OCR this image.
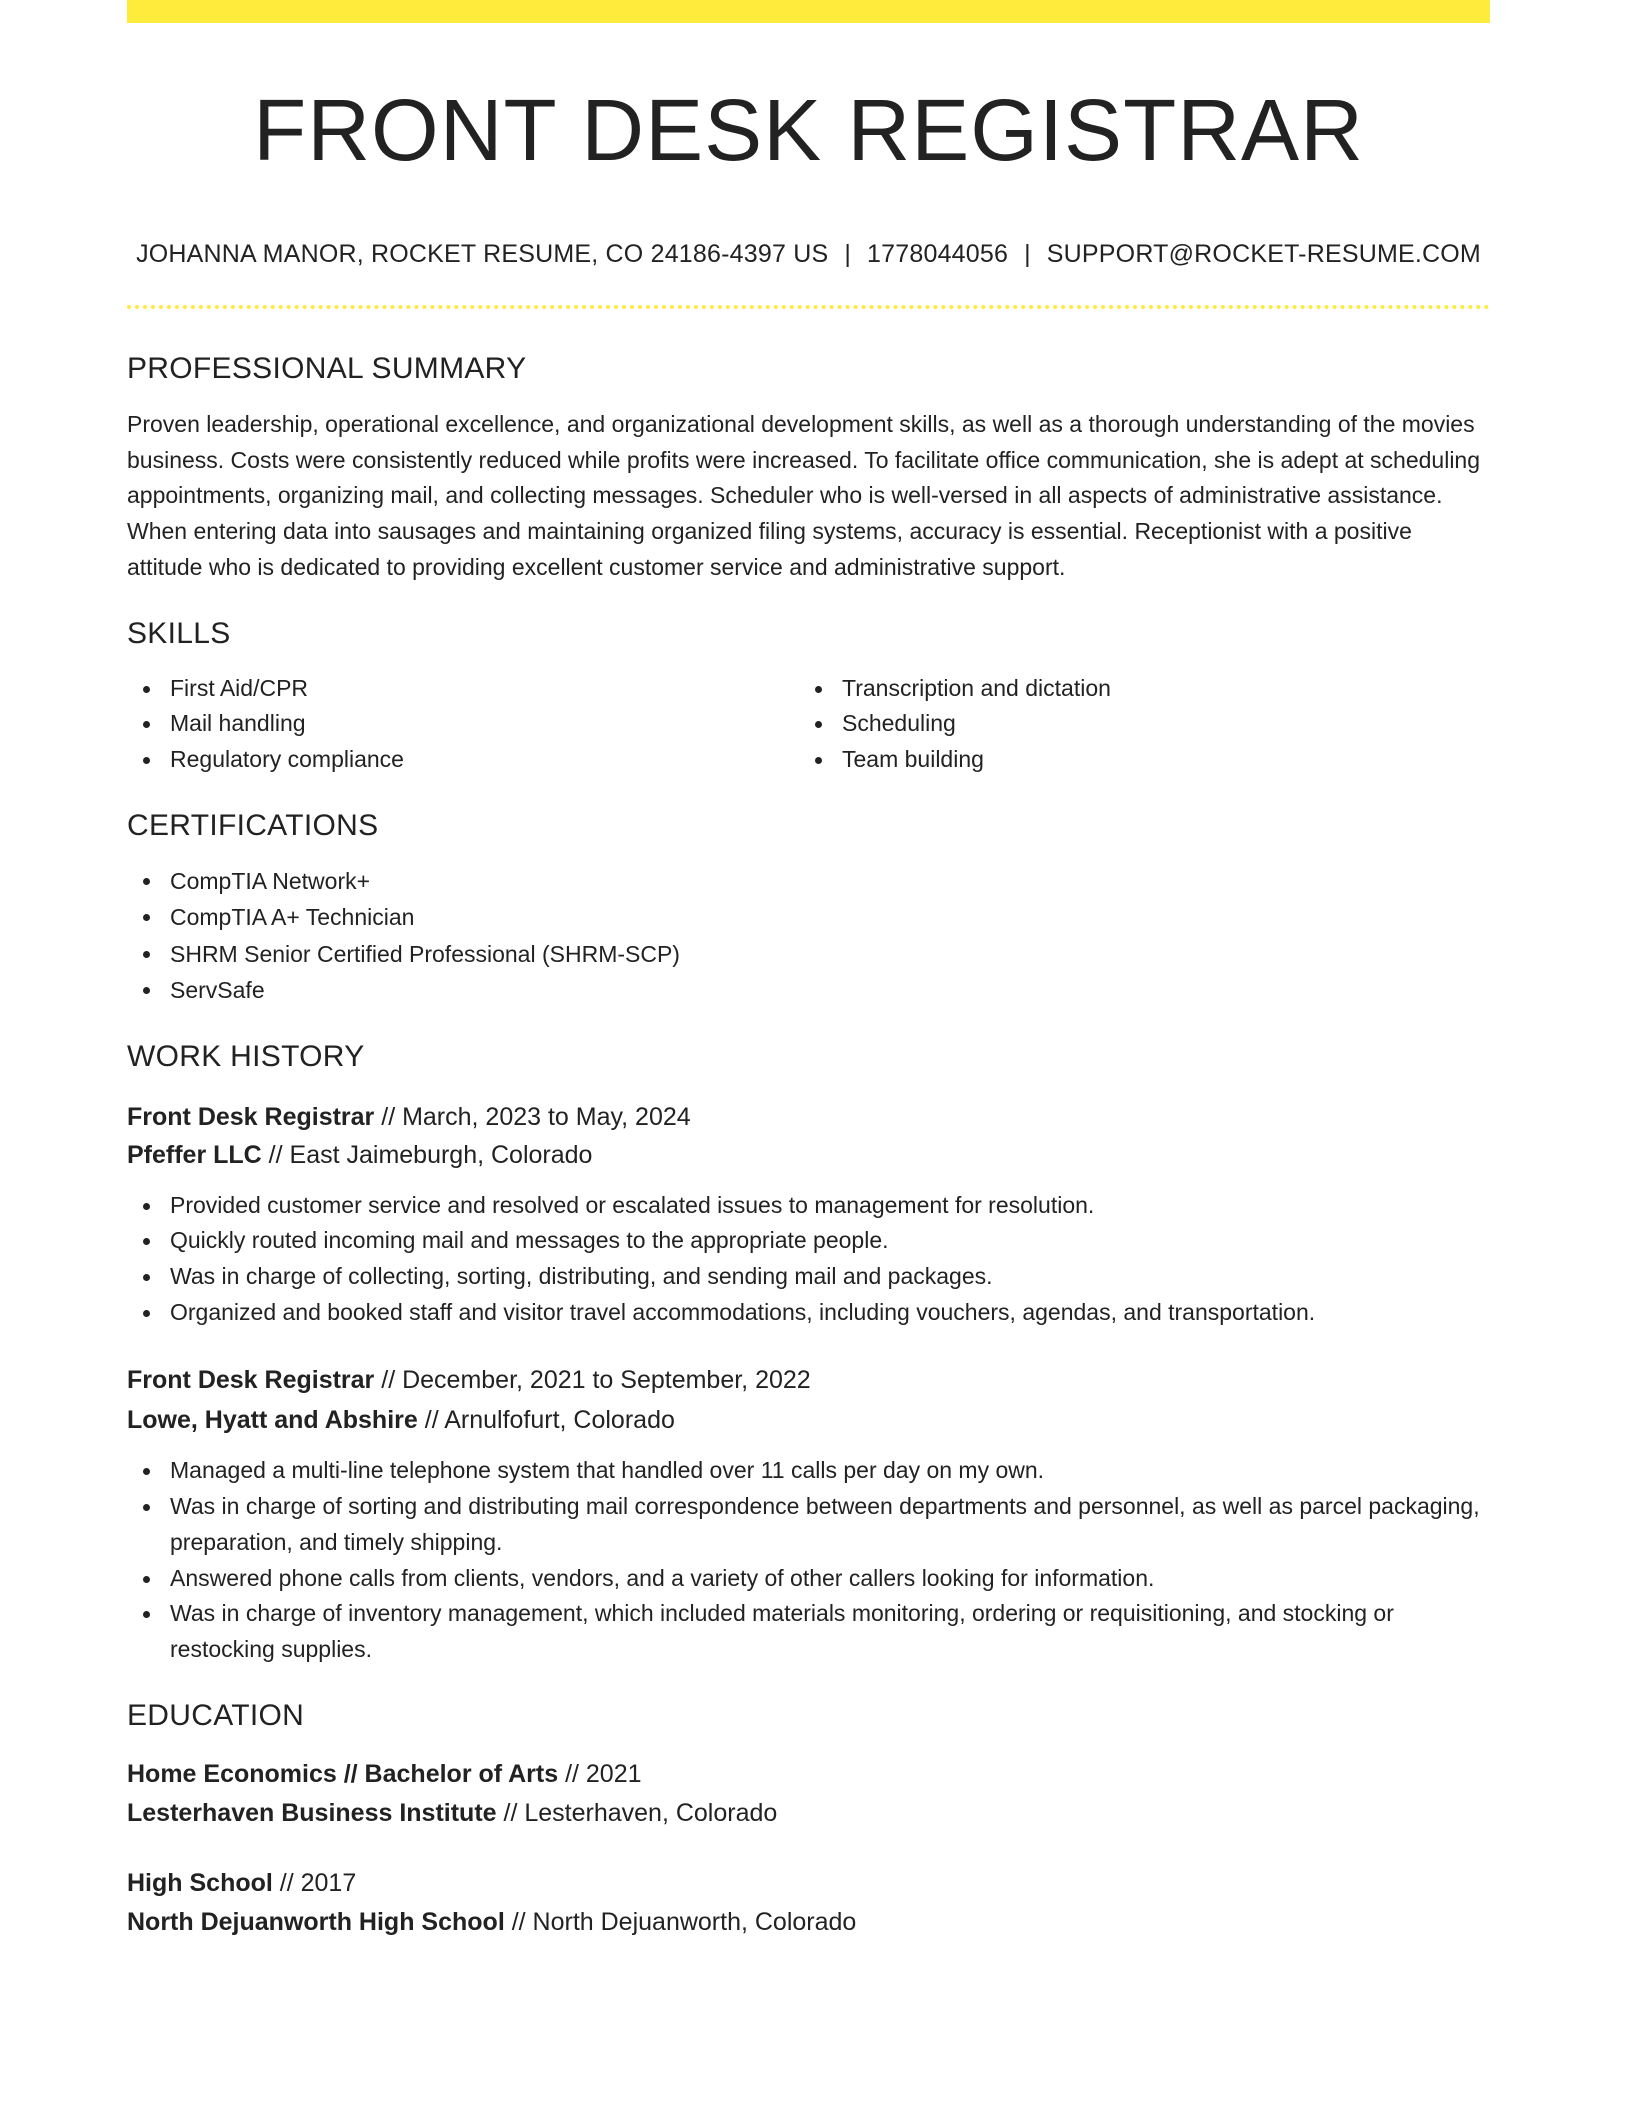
FRONT DESK REGISTRAR
JOHANNA MANOR, ROCKET RESUME, CO 24186-4397 US | 1778044056 | SUPPORT@ROCKET-RESUME.COM
PROFESSIONAL SUMMARY

Proven leadership, operational excellence, and organizational development skills, as well as a thorough understanding of the movies business. Costs were consistently reduced while profits were increased. To facilitate office communication, she is adept at scheduling appointments, organizing mail, and collecting messages. Scheduler who is well-versed in all aspects of administrative assistance. When entering data into sausages and maintaining organized filing systems, accuracy is essential. Receptionist with a positive attitude who is dedicated to providing excellent customer service and administrative support.

SKILLS
First Aid/CPR
Mail handling
Regulatory compliance
Transcription and dictation
Scheduling
Team building
CERTIFICATIONS
CompTIA Network+
CompTIA A+ Technician
SHRM Senior Certified Professional (SHRM-SCP)
ServSafe
WORK HISTORY
Front Desk Registrar // March, 2023 to May, 2024
Pfeffer LLC // East Jaimeburgh, Colorado
Provided customer service and resolved or escalated issues to management for resolution.
Quickly routed incoming mail and messages to the appropriate people.
Was in charge of collecting, sorting, distributing, and sending mail and packages.
Organized and booked staff and visitor travel accommodations, including vouchers, agendas, and transportation.
Front Desk Registrar // December, 2021 to September, 2022
Lowe, Hyatt and Abshire // Arnulfofurt, Colorado
Managed a multi-line telephone system that handled over 11 calls per day on my own.
Was in charge of sorting and distributing mail correspondence between departments and personnel, as well as parcel packaging, preparation, and timely shipping.
Answered phone calls from clients, vendors, and a variety of other callers looking for information.
Was in charge of inventory management, which included materials monitoring, ordering or requisitioning, and stocking or restocking supplies.
EDUCATION
Home Economics // Bachelor of Arts // 2021
Lesterhaven Business Institute // Lesterhaven, Colorado
High School // 2017
North Dejuanworth High School // North Dejuanworth, Colorado
